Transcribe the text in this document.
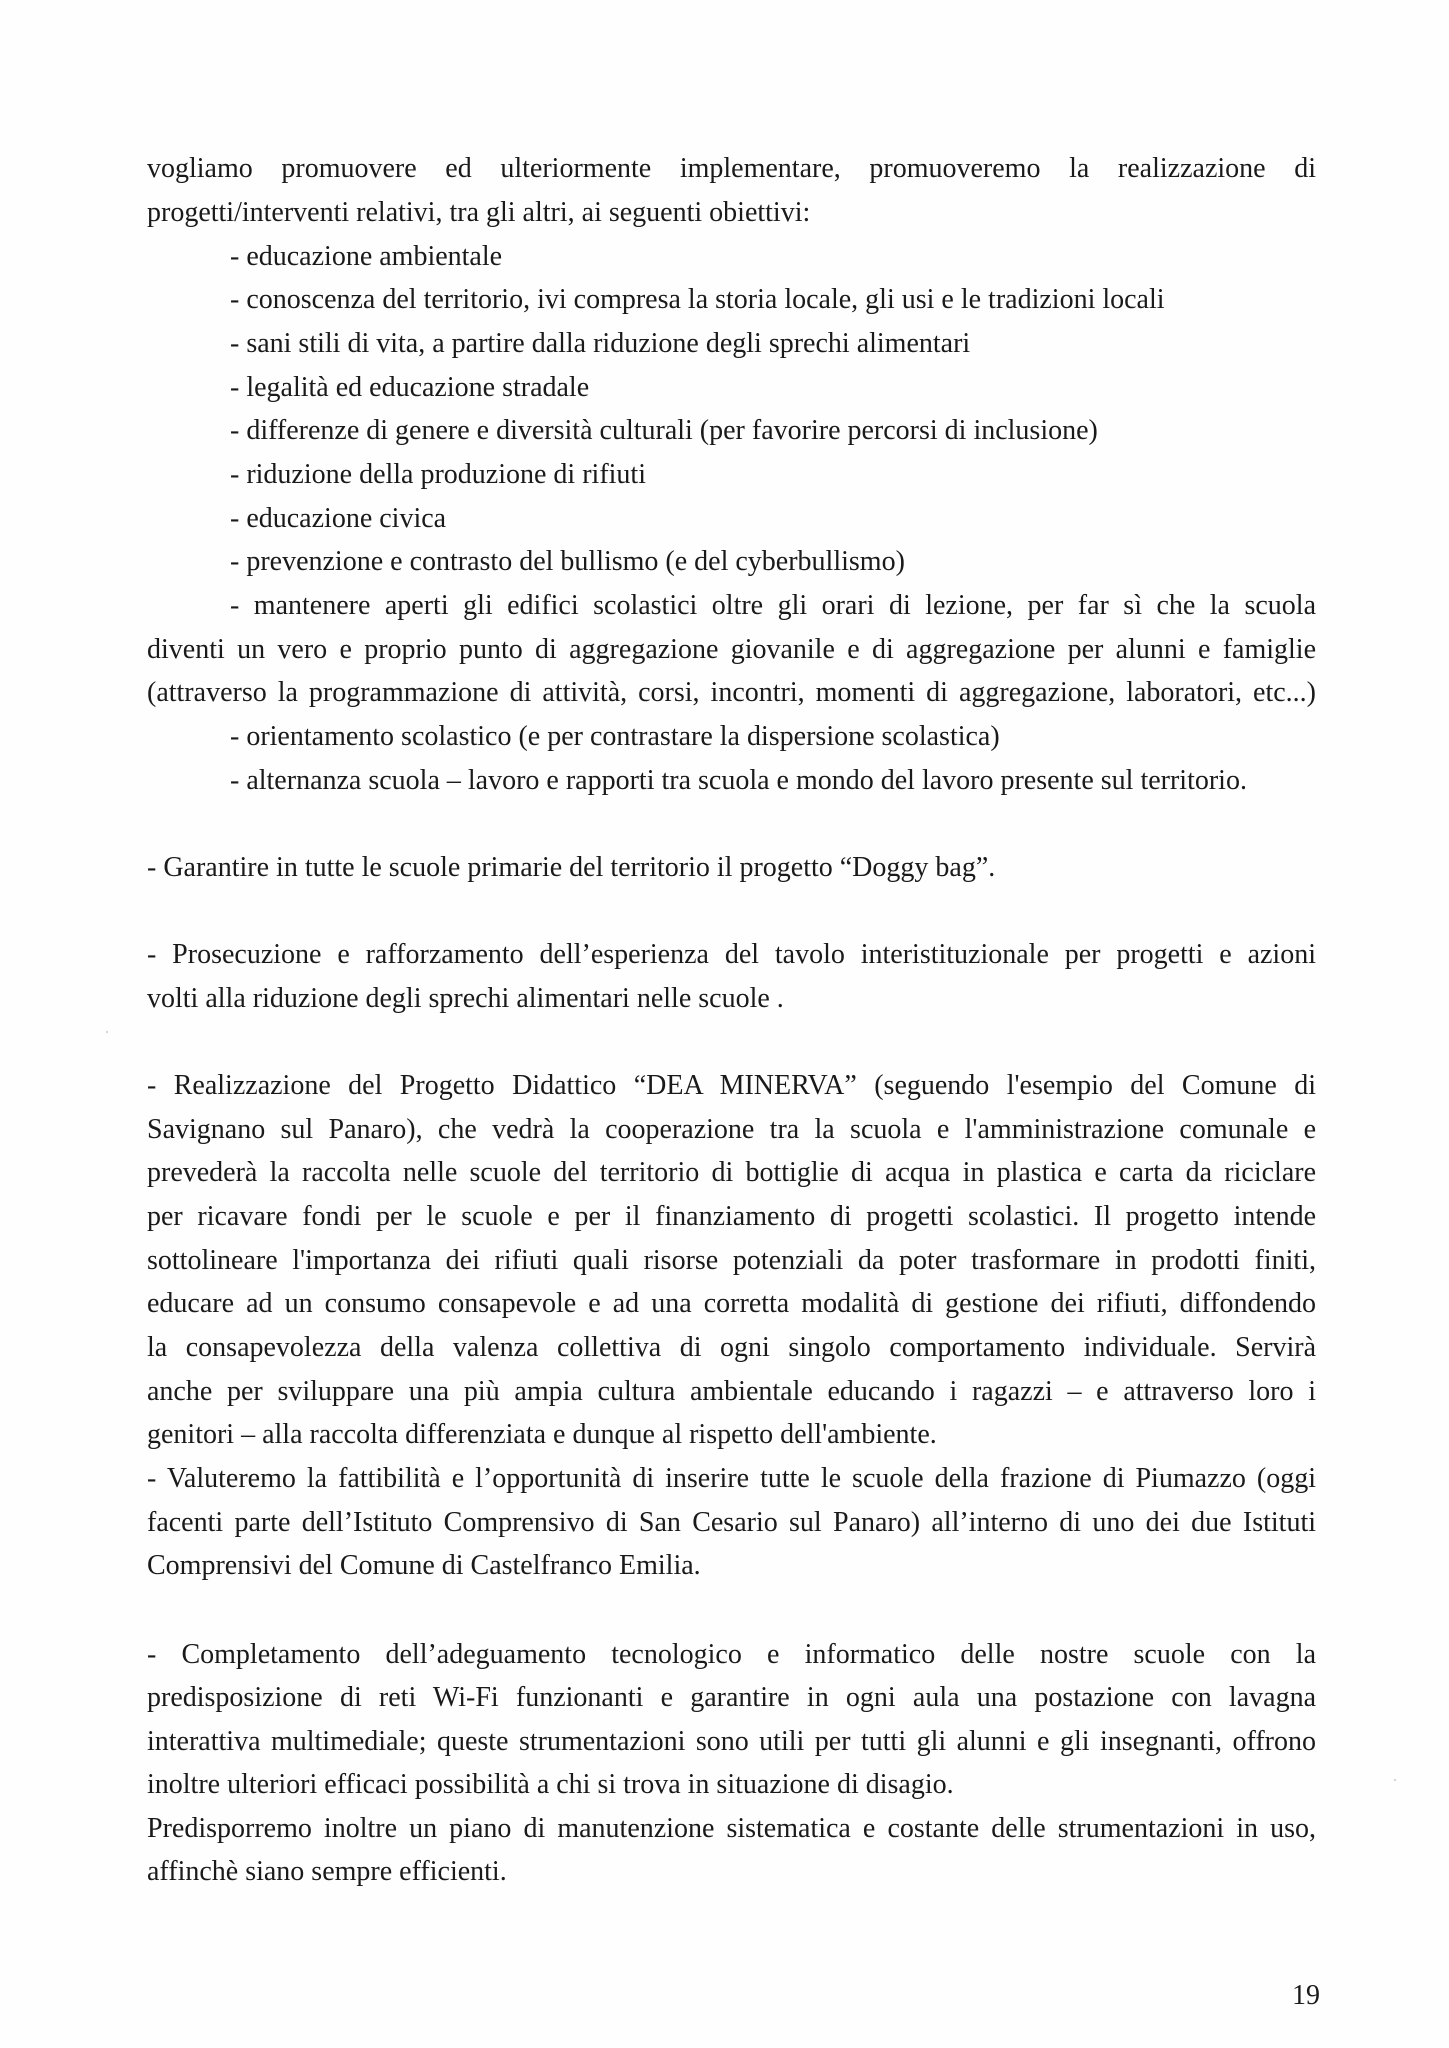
vogliamo promuovere ed ulteriormente implementare, promuoveremo la realizzazione di
progetti/interventi relativi, tra gli altri, ai seguenti obiettivi:
- educazione ambientale
- conoscenza del territorio, ivi compresa la storia locale, gli usi e le tradizioni locali
- sani stili di vita, a partire dalla riduzione degli sprechi alimentari
- legalità ed educazione stradale
- differenze di genere e diversità culturali (per favorire percorsi di inclusione)
- riduzione della produzione di rifiuti
- educazione civica
- prevenzione e contrasto del bullismo (e del cyberbullismo)
- mantenere aperti gli edifici scolastici oltre gli orari di lezione, per far sì che la scuola
diventi un vero e proprio punto di aggregazione giovanile e di aggregazione per alunni e famiglie
(attraverso la programmazione di attività, corsi, incontri, momenti di aggregazione, laboratori, etc...)
- orientamento scolastico (e per contrastare la dispersione scolastica)
- alternanza scuola – lavoro e rapporti tra scuola e mondo del lavoro presente sul territorio.
- Garantire in tutte le scuole primarie del territorio il progetto “Doggy bag”.
- Prosecuzione e rafforzamento dell’esperienza del tavolo interistituzionale per progetti e azioni
volti alla riduzione degli sprechi alimentari nelle scuole .
- Realizzazione del Progetto Didattico “DEA MINERVA” (seguendo l'esempio del Comune di
Savignano sul Panaro), che vedrà la cooperazione tra la scuola e l'amministrazione comunale e
prevederà la raccolta nelle scuole del territorio di bottiglie di acqua in plastica e carta da riciclare
per ricavare fondi per le scuole e per il finanziamento di progetti scolastici. Il progetto intende
sottolineare l'importanza dei rifiuti quali risorse potenziali da poter trasformare in prodotti finiti,
educare ad un consumo consapevole e ad una corretta modalità di gestione dei rifiuti, diffondendo
la consapevolezza della valenza collettiva di ogni singolo comportamento individuale. Servirà
anche per sviluppare una più ampia cultura ambientale educando i ragazzi – e attraverso loro i
genitori – alla raccolta differenziata e dunque al rispetto dell'ambiente.
- Valuteremo la fattibilità e l’opportunità di inserire tutte le scuole della frazione di Piumazzo (oggi
facenti parte dell’Istituto Comprensivo di San Cesario sul Panaro) all’interno di uno dei due Istituti
Comprensivi del Comune di Castelfranco Emilia.
- Completamento dell’adeguamento tecnologico e informatico delle nostre scuole con la
predisposizione di reti Wi-Fi funzionanti e garantire in ogni aula una postazione con lavagna
interattiva multimediale; queste strumentazioni sono utili per tutti gli alunni e gli insegnanti, offrono
inoltre ulteriori efficaci possibilità a chi si trova in situazione di disagio.
Predisporremo inoltre un piano di manutenzione sistematica e costante delle strumentazioni in uso,
affinchè siano sempre efficienti.
19
